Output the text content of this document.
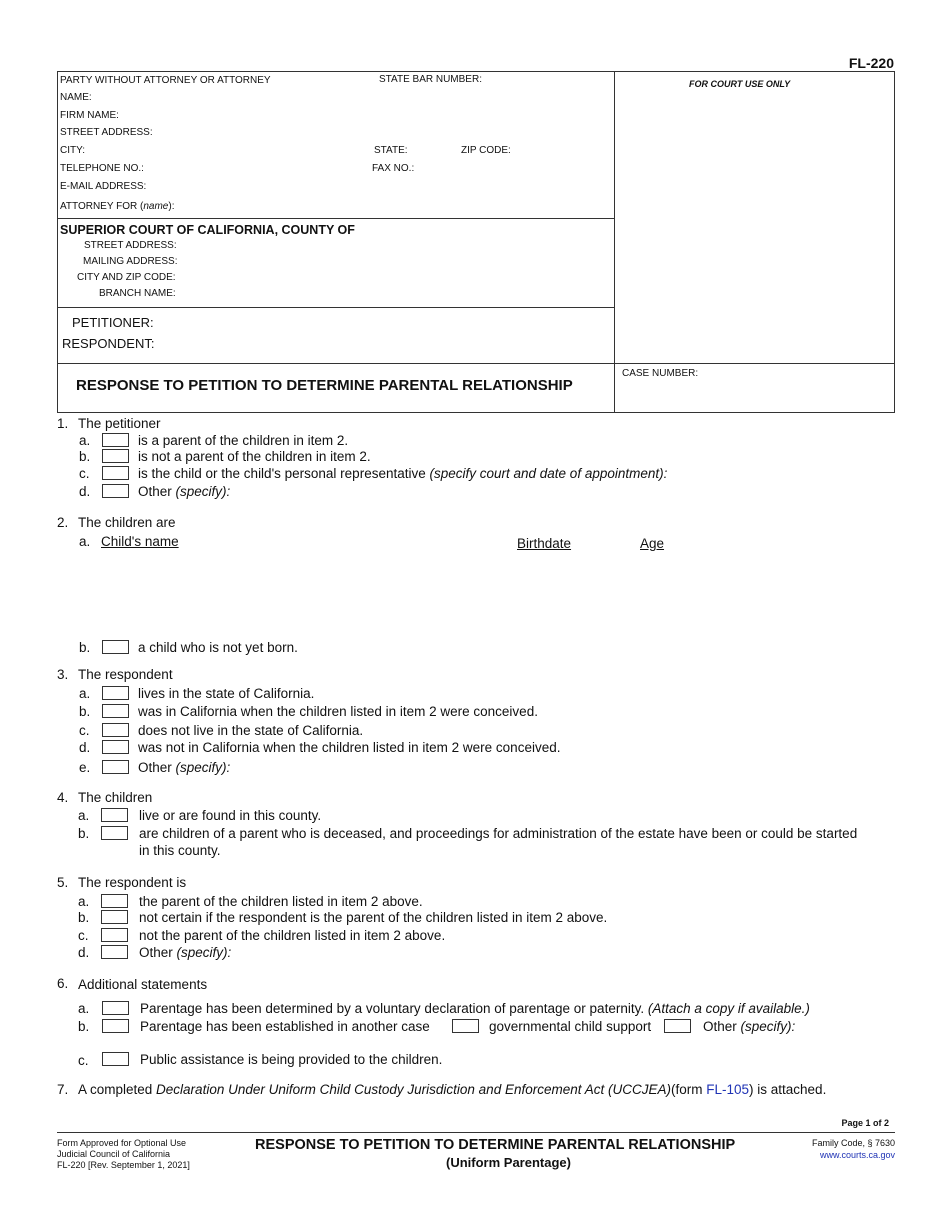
FL-220
PARTY WITHOUT ATTORNEY OR ATTORNEY	STATE BAR NUMBER:
NAME:
FIRM NAME:
STREET ADDRESS:
CITY:	STATE:	ZIP CODE:
TELEPHONE NO.:	FAX NO.:
E-MAIL ADDRESS:
ATTORNEY FOR (name):
FOR COURT USE ONLY
SUPERIOR COURT OF CALIFORNIA, COUNTY OF
STREET ADDRESS:
MAILING ADDRESS:
CITY AND ZIP CODE:
BRANCH NAME:
PETITIONER:
RESPONDENT:
RESPONSE TO PETITION TO DETERMINE PARENTAL RELATIONSHIP
CASE NUMBER:
1. The petitioner
a.	is a parent of the children in item 2.
b.	is not a parent of the children in item 2.
c.	is the child or the child's personal representative (specify court and date of appointment):
d.	Other (specify):
2. The children are
a. Child's name	Birthdate	Age
b.	a child who is not yet born.
3. The respondent
a.	lives in the state of California.
b.	was in California when the children listed in item 2 were conceived.
c.	does not live in the state of California.
d.	was not in California when the children listed in item 2 were conceived.
e.	Other (specify):
4. The children
a.	live or are found in this county.
b.	are children of a parent who is deceased, and proceedings for administration of the estate have been or could be started
in this county.
5. The respondent is
a.	the parent of the children listed in item 2 above.
b.	not certain if the respondent is the parent of the children listed in item 2 above.
c.	not the parent of the children listed in item 2 above.
d.	Other (specify):
6. Additional statements
a.	Parentage has been determined by a voluntary declaration of parentage or paternity. (Attach a copy if available.)
b.	Parentage has been established in another case	governmental child support	Other (specify):
c.	Public assistance is being provided to the children.
7. A completed Declaration Under Uniform Child Custody Jurisdiction and Enforcement Act (UCCJEA)(form FL-105) is attached.
Page 1 of 2
Form Approved for Optional Use
Judicial Council of California
FL-220 [Rev. September 1, 2021]
RESPONSE TO PETITION TO DETERMINE PARENTAL RELATIONSHIP
(Uniform Parentage)
Family Code, § 7630
www.courts.ca.gov
